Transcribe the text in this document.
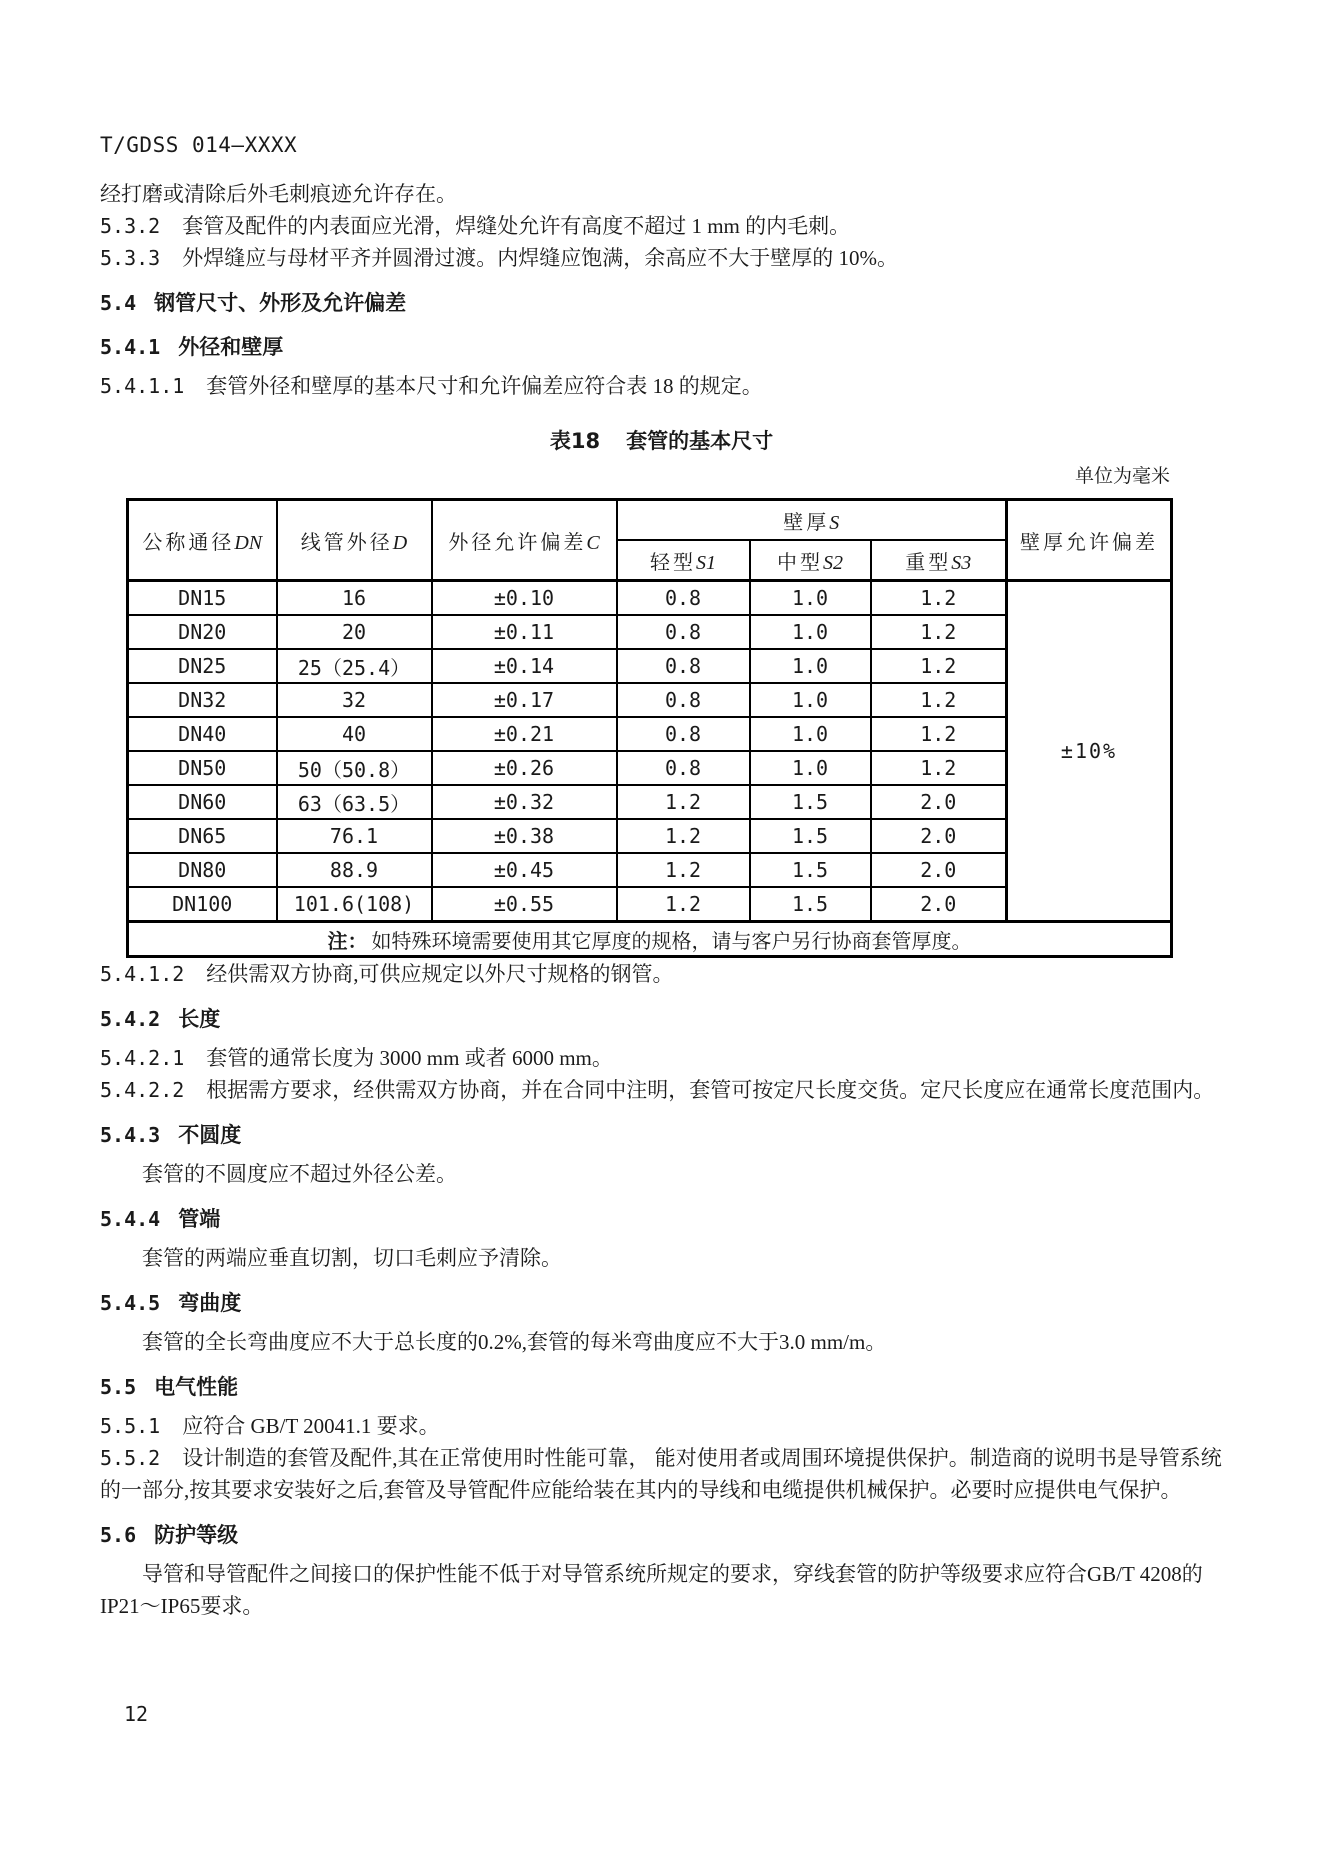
T/GDSS 014—XXXX

经打磨或清除后外毛刺痕迹允许存在。

5.3.2 套管及配件的内表面应光滑，焊缝处允许有高度不超过 1 mm 的内毛刺。

5.3.3 外焊缝应与母材平齐并圆滑过渡。内焊缝应饱满，余高应不大于壁厚的 10%。

5.4 钢管尺寸、外形及允许偏差
5.4.1 外径和壁厚

5.4.1.1 套管外径和壁厚的基本尺寸和允许偏差应符合表 18 的规定。

表18 套管的基本尺寸
单位为毫米
公称通径DN	线管外径D	外径允许偏差C	壁厚S			壁厚允许偏差
			轻型S1	中型S2	重型S3	
DN15	16	±0.10	0.8	1.0	1.2	±10%
DN20	20	±0.11	0.8	1.0	1.2	
DN25	25（25.4）	±0.14	0.8	1.0	1.2	
DN32	32	±0.17	0.8	1.0	1.2	
DN40	40	±0.21	0.8	1.0	1.2	
DN50	50（50.8）	±0.26	0.8	1.0	1.2	
DN60	63（63.5）	±0.32	1.2	1.5	2.0	
DN65	76.1	±0.38	1.2	1.5	2.0	
DN80	88.9	±0.45	1.2	1.5	2.0	
DN100	101.6(108)	±0.55	1.2	1.5	2.0	
注： 如特殊环境需要使用其它厚度的规格，请与客户另行协商套管厚度。						

5.4.1.2 经供需双方协商,可供应规定以外尺寸规格的钢管。

5.4.2 长度

5.4.2.1 套管的通常长度为 3000 mm 或者 6000 mm。

5.4.2.2 根据需方要求，经供需双方协商，并在合同中注明，套管可按定尺长度交货。定尺长度应在通常长度范围内。

5.4.3 不圆度

套管的不圆度应不超过外径公差。

5.4.4 管端

套管的两端应垂直切割，切口毛刺应予清除。

5.4.5 弯曲度

套管的全长弯曲度应不大于总长度的0.2%,套管的每米弯曲度应不大于3.0 mm/m。

5.5 电气性能

5.5.1 应符合 GB/T 20041.1 要求。

5.5.2 设计制造的套管及配件,其在正常使用时性能可靠， 能对使用者或周围环境提供保护。制造商的说明书是导管系统的一部分,按其要求安装好之后,套管及导管配件应能给装在其内的导线和电缆提供机械保护。必要时应提供电气保护。

5.6 防护等级

导管和导管配件之间接口的保护性能不低于对导管系统所规定的要求，穿线套管的防护等级要求应符合GB/T 4208的IP21～IP65要求。

12
